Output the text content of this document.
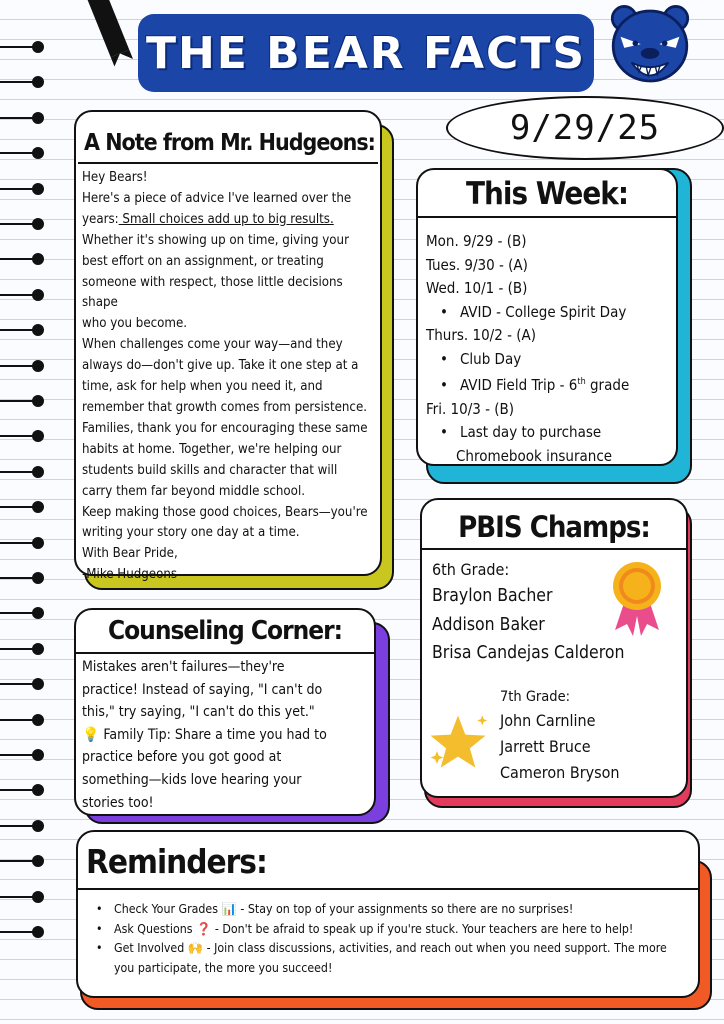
THE BEAR FACTS
9/29/25
A Note from Mr. Hudgeons:

Hey Bears!

Here's a piece of advice I've learned over the

years: Small choices add up to big results.

Whether it's showing up on time, giving your

best effort on an assignment, or treating

someone with respect, those little decisions shape

who you become.

When challenges come your way—and they

always do—don't give up. Take it one step at a

time, ask for help when you need it, and

remember that growth comes from persistence.

Families, thank you for encouraging these same

habits at home. Together, we're helping our

students build skills and character that will

carry them far beyond middle school.

Keep making those good choices, Bears—you're

writing your story one day at a time.

With Bear Pride,

-Mike Hudgeons

This Week:
Mon. 9/29 - (B)
Tues. 9/30 - (A)
Wed. 10/1 - (B)
• AVID - College Spirit Day
Thurs. 10/2 - (A)
• Club Day
• AVID Field Trip - 6th grade
Fri. 10/3 - (B)
• Last day to purchase
Chromebook insurance
PBIS Champs:
6th Grade:
Braylon Bacher
Addison Baker
Brisa Candejas Calderon
7th Grade:
John Carnline
Jarrett Bruce
Cameron Bryson
Counseling Corner:
Mistakes aren't failures—they're
practice! Instead of saying, "I can't do
this," try saying, "I can't do this yet."
💡 Family Tip: Share a time you had to
practice before you got good at
something—kids love hearing your
stories too!
Reminders:
• Check Your Grades 📊 - Stay on top of your assignments so there are no surprises!
• Ask Questions ❓ - Don't be afraid to speak up if you're stuck. Your teachers are here to help!
• Get Involved 🙌 - Join class discussions, activities, and reach out when you need support. The more you participate, the more you succeed!
